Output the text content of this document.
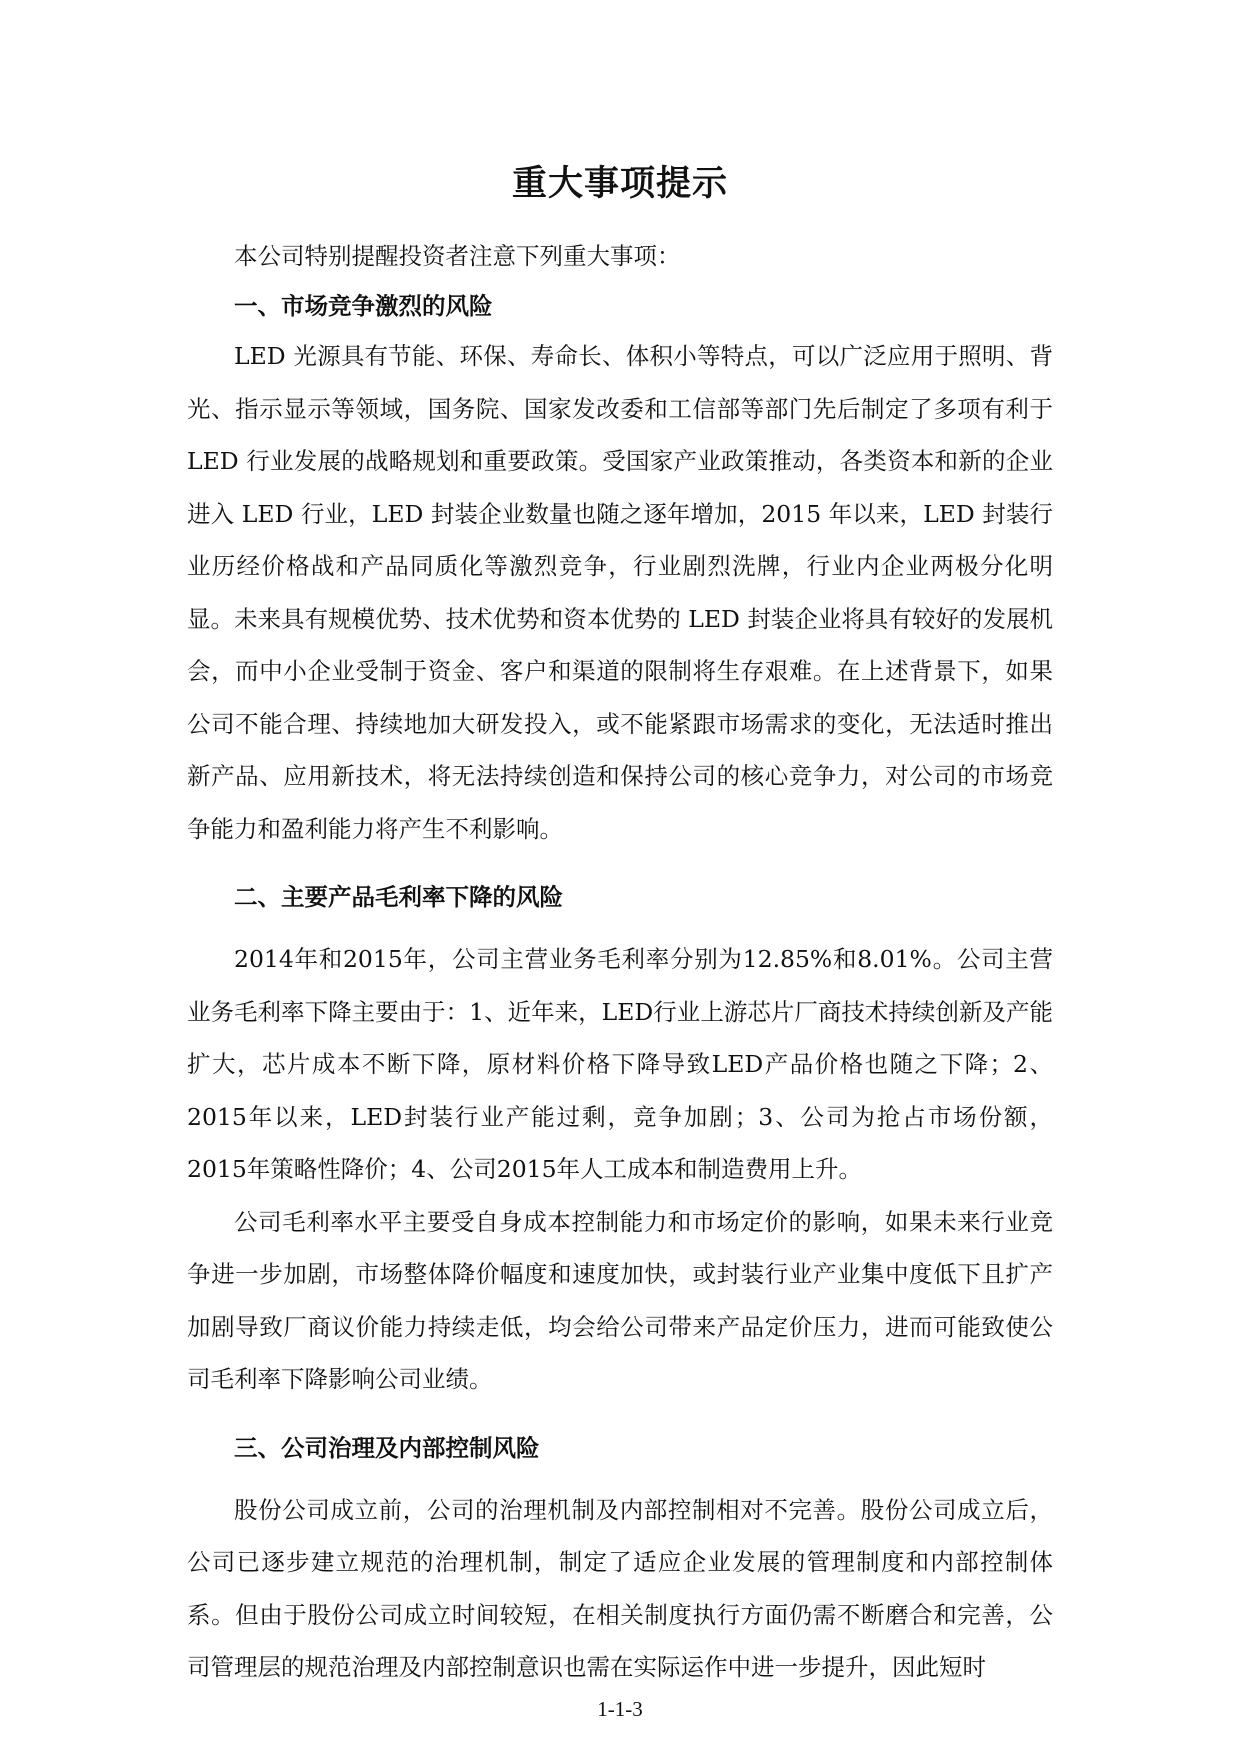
重大事项提示

本公司特别提醒投资者注意下列重大事项：

一、市场竞争激烈的风险

LED 光源具有节能、环保、寿命长、体积小等特点，可以广泛应用于照明、背光、指示显示等领域，国务院、国家发改委和工信部等部门先后制定了多项有利于 LED 行业发展的战略规划和重要政策。受国家产业政策推动，各类资本和新的企业进入 LED 行业，LED 封装企业数量也随之逐年增加，2015 年以来，LED 封装行业历经价格战和产品同质化等激烈竞争，行业剧烈洗牌，行业内企业两极分化明显。未来具有规模优势、技术优势和资本优势的 LED 封装企业将具有较好的发展机会，而中小企业受制于资金、客户和渠道的限制将生存艰难。在上述背景下，如果公司不能合理、持续地加大研发投入，或不能紧跟市场需求的变化，无法适时推出新产品、应用新技术，将无法持续创造和保持公司的核心竞争力，对公司的市场竞争能力和盈利能力将产生不利影响。

二、主要产品毛利率下降的风险

2014年和2015年，公司主营业务毛利率分别为12.85%和8.01%。公司主营业务毛利率下降主要由于：1、近年来，LED行业上游芯片厂商技术持续创新及产能扩大，芯片成本不断下降，原材料价格下降导致LED产品价格也随之下降；2、2015年以来，LED封装行业产能过剩，竞争加剧；3、公司为抢占市场份额，2015年策略性降价；4、公司2015年人工成本和制造费用上升。

公司毛利率水平主要受自身成本控制能力和市场定价的影响，如果未来行业竞争进一步加剧，市场整体降价幅度和速度加快，或封装行业产业集中度低下且扩产加剧导致厂商议价能力持续走低，均会给公司带来产品定价压力，进而可能致使公司毛利率下降影响公司业绩。

三、公司治理及内部控制风险

股份公司成立前，公司的治理机制及内部控制相对不完善。股份公司成立后，公司已逐步建立规范的治理机制，制定了适应企业发展的管理制度和内部控制体系。但由于股份公司成立时间较短，在相关制度执行方面仍需不断磨合和完善，公司管理层的规范治理及内部控制意识也需在实际运作中进一步提升，因此短时

1-1-3
